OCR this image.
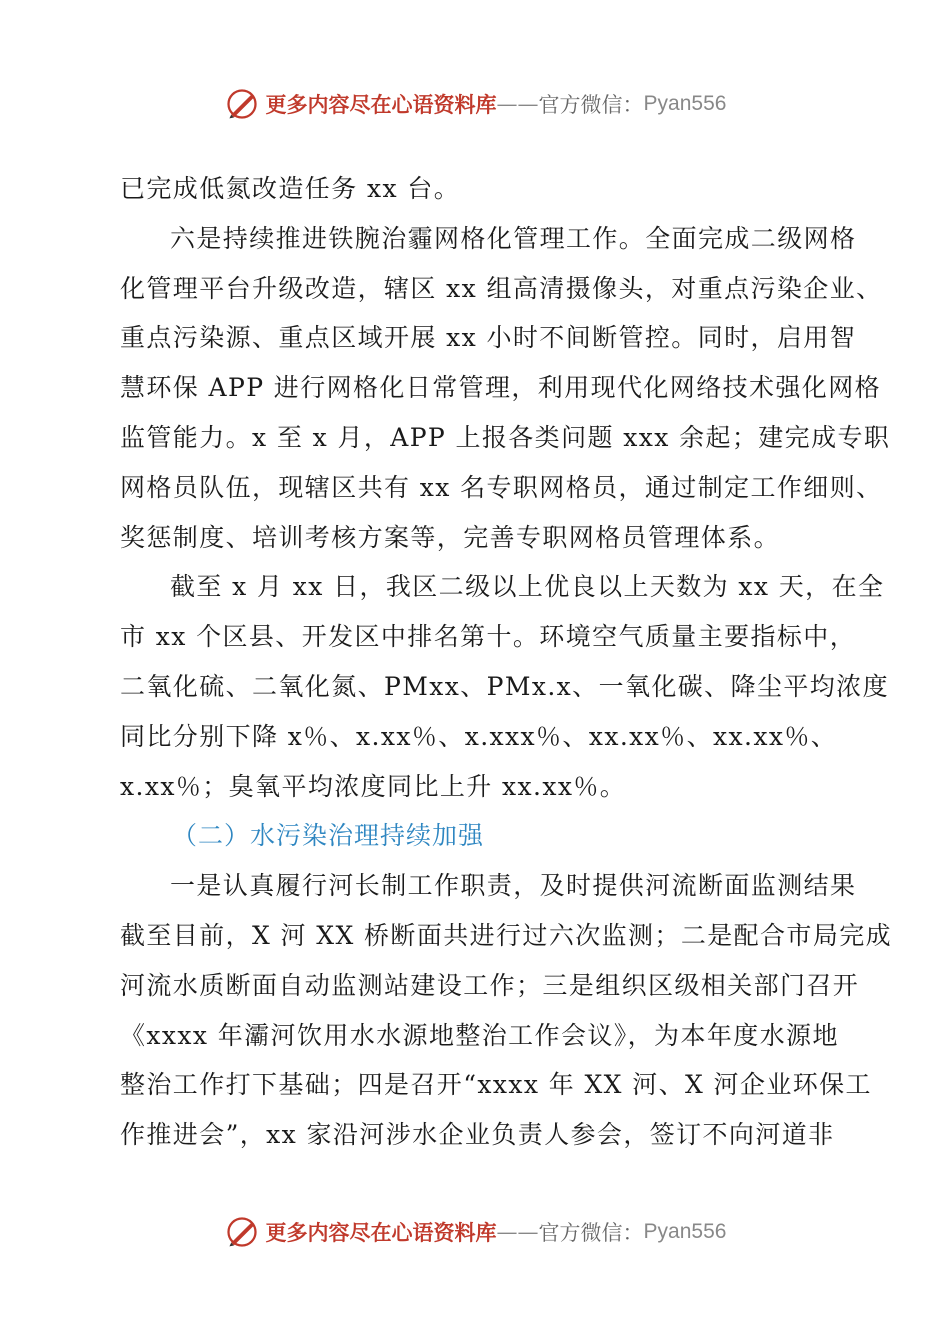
更多内容尽在心语资料库 —— 官方微信： Pyan556
已完成低氮改造任务 xx 台。
六是持续推进铁腕治霾网格化管理工作。全面完成二级网格
化管理平台升级改造，辖区 xx 组高清摄像头，对重点污染企业、
重点污染源、重点区域开展 xx 小时不间断管控。同时，启用智
慧环保 APP 进行网格化日常管理，利用现代化网络技术强化网格
监管能力。x 至 x 月，APP 上报各类问题 xxx 余起；建完成专职
网格员队伍，现辖区共有 xx 名专职网格员，通过制定工作细则、
奖惩制度、培训考核方案等，完善专职网格员管理体系。
截至 x 月 xx 日，我区二级以上优良以上天数为 xx 天，在全
市 xx 个区县、开发区中排名第十。环境空气质量主要指标中，
二氧化硫、二氧化氮、PMxx、PMx.x、一氧化碳、降尘平均浓度
同比分别下降 x％、x.xx％、x.xxx％、xx.xx％、xx.xx％、
x.xx％；臭氧平均浓度同比上升 xx.xx％。
（二）水污染治理持续加强
一是认真履行河长制工作职责，及时提供河流断面监测结果
截至目前，X 河 XX 桥断面共进行过六次监测；二是配合市局完成
河流水质断面自动监测站建设工作；三是组织区级相关部门召开
《xxxx 年灞河饮用水水源地整治工作会议》，为本年度水源地
整治工作打下基础；四是召开“xxxx 年 XX 河、X 河企业环保工
作推进会”，xx 家沿河涉水企业负责人参会，签订不向河道非
更多内容尽在心语资料库 —— 官方微信： Pyan556
